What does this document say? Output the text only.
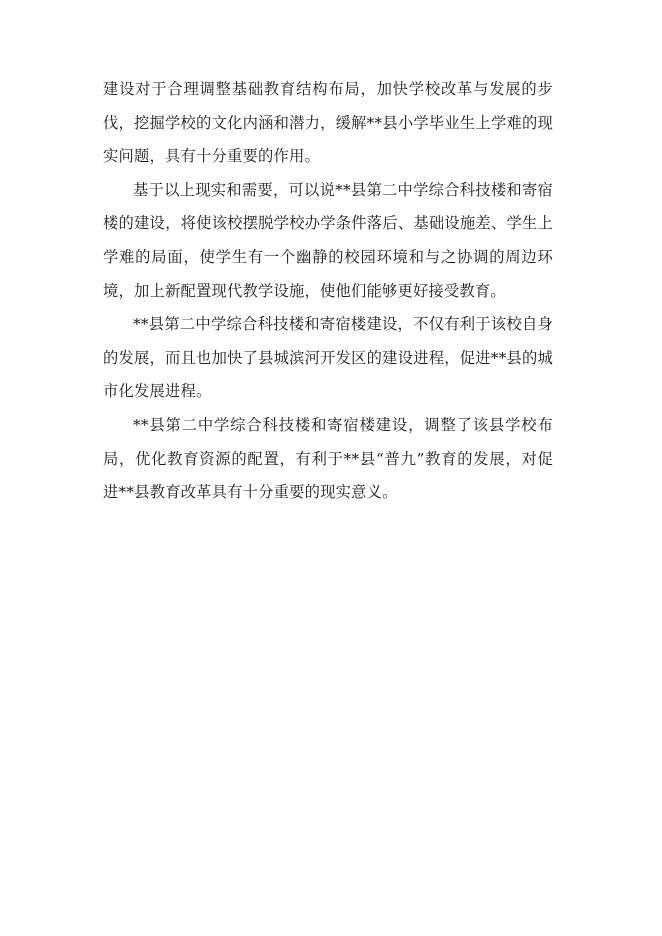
建设对于合理调整基础教育结构布局，加快学校改革与发展的步伐，挖掘学校的文化内涵和潜力，缓解**县小学毕业生上学难的现实问题，具有十分重要的作用。

基于以上现实和需要，可以说**县第二中学综合科技楼和寄宿楼的建设，将使该校摆脱学校办学条件落后、基础设施差、学生上学难的局面，使学生有一个幽静的校园环境和与之协调的周边环境，加上新配置现代教学设施，使他们能够更好接受教育。

**县第二中学综合科技楼和寄宿楼建设，不仅有利于该校自身的发展，而且也加快了县城滨河开发区的建设进程，促进**县的城市化发展进程。

**县第二中学综合科技楼和寄宿楼建设，调整了该县学校布局，优化教育资源的配置，有利于**县“普九”教育的发展，对促进**县教育改革具有十分重要的现实意义。
